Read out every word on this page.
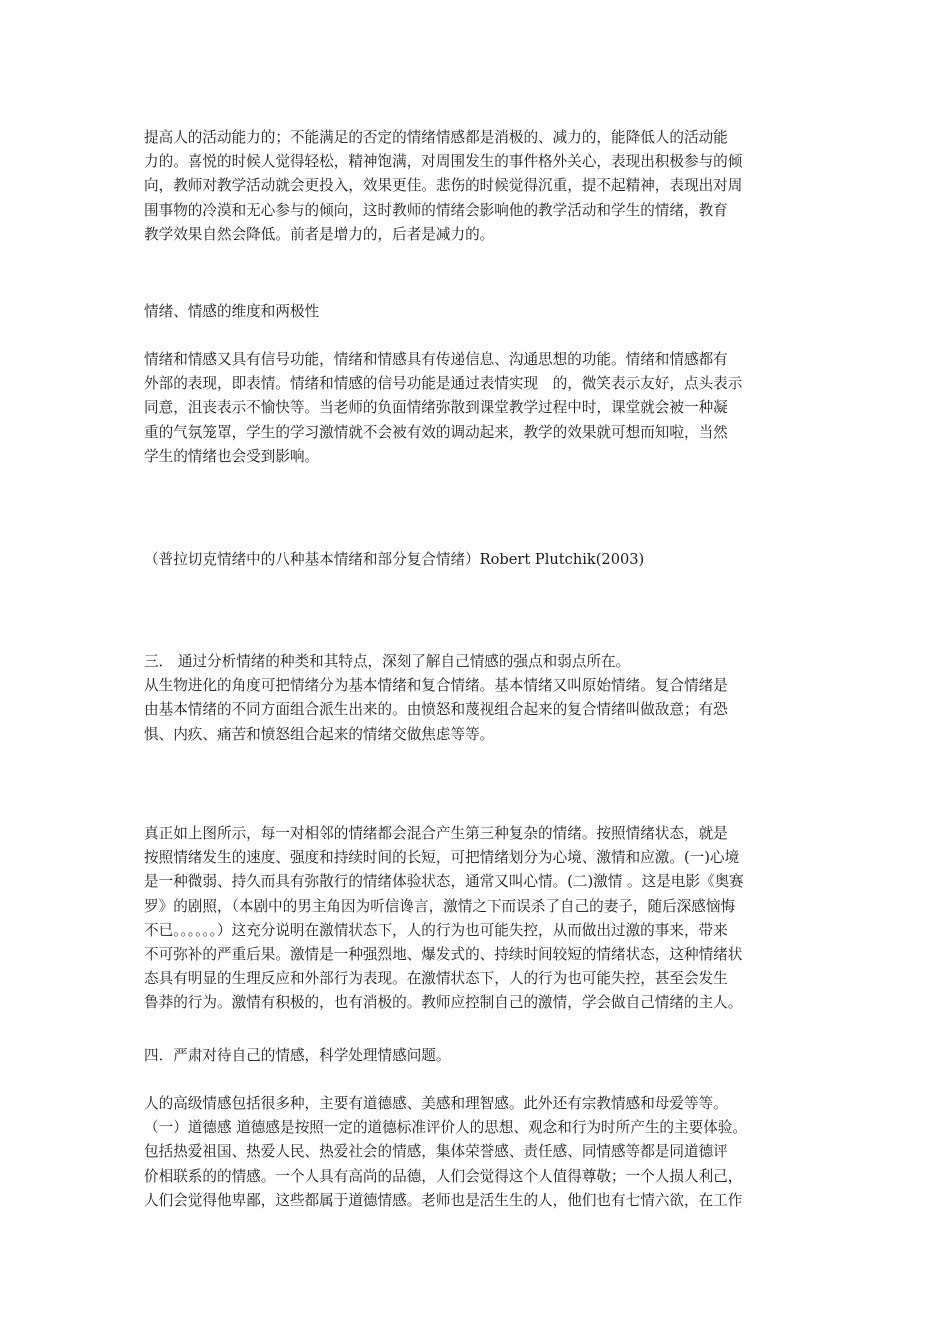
提高人的活动能力的；不能满足的否定的情绪情感都是消极的、减力的，能降低人的活动能
力的。喜悦的时候人觉得轻松，精神饱满，对周围发生的事件格外关心，表现出积极参与的倾
向，教师对教学活动就会更投入，效果更佳。悲伤的时候觉得沉重，提不起精神，表现出对周
围事物的冷漠和无心参与的倾向，这时教师的情绪会影响他的教学活动和学生的情绪，教育
教学效果自然会降低。前者是增力的，后者是减力的。
情绪、情感的维度和两极性
情绪和情感又具有信号功能，情绪和情感具有传递信息、沟通思想的功能。情绪和情感都有
外部的表现，即表情。情绪和情感的信号功能是通过表情实现　的，微笑表示友好，点头表示
同意，沮丧表示不愉快等。当老师的负面情绪弥散到课堂教学过程中时，课堂就会被一种凝
重的气氛笼罩，学生的学习激情就不会被有效的调动起来，教学的效果就可想而知啦，当然
学生的情绪也会受到影响。
（普拉切克情绪中的八种基本情绪和部分复合情绪）Robert Plutchik(2003)
三． 通过分析情绪的种类和其特点，深刻了解自己情感的强点和弱点所在。
从生物进化的角度可把情绪分为基本情绪和复合情绪。基本情绪又叫原始情绪。复合情绪是
由基本情绪的不同方面组合派生出来的。由愤怒和蔑视组合起来的复合情绪叫做敌意；有恐
惧、内疚、痛苦和愤怒组合起来的情绪交做焦虑等等。
真正如上图所示，每一对相邻的情绪都会混合产生第三种复杂的情绪。按照情绪状态，就是
按照情绪发生的速度、强度和持续时间的长短，可把情绪划分为心境、激情和应激。(一)心境
是一种微弱、持久而具有弥散行的情绪体验状态，通常又叫心情。(二)激情 。这是电影《奥赛
罗》的剧照，（本剧中的男主角因为听信谗言，激情之下而误杀了自己的妻子，随后深感恼悔
不已。。。。。。）这充分说明在激情状态下，人的行为也可能失控，从而做出过激的事来，带来
不可弥补的严重后果。激情是一种强烈地、爆发式的、持续时间较短的情绪状态，这种情绪状
态具有明显的生理反应和外部行为表现。在激情状态下，人的行为也可能失控，甚至会发生
鲁莽的行为。激情有积极的，也有消极的。教师应控制自己的激情，学会做自己情绪的主人。
四．严肃对待自己的情感，科学处理情感问题。
人的高级情感包括很多种，主要有道德感、美感和理智感。此外还有宗教情感和母爱等等。
（一）道德感 道德感是按照一定的道德标准评价人的思想、观念和行为时所产生的主要体验。
包括热爱祖国、热爱人民、热爱社会的情感，集体荣誉感、责任感、同情感等都是同道德评
价相联系的的情感。一个人具有高尚的品德，人们会觉得这个人值得尊敬；一个人损人利己，
人们会觉得他卑鄙，这些都属于道德情感。老师也是活生生的人，他们也有七情六欲，在工作
